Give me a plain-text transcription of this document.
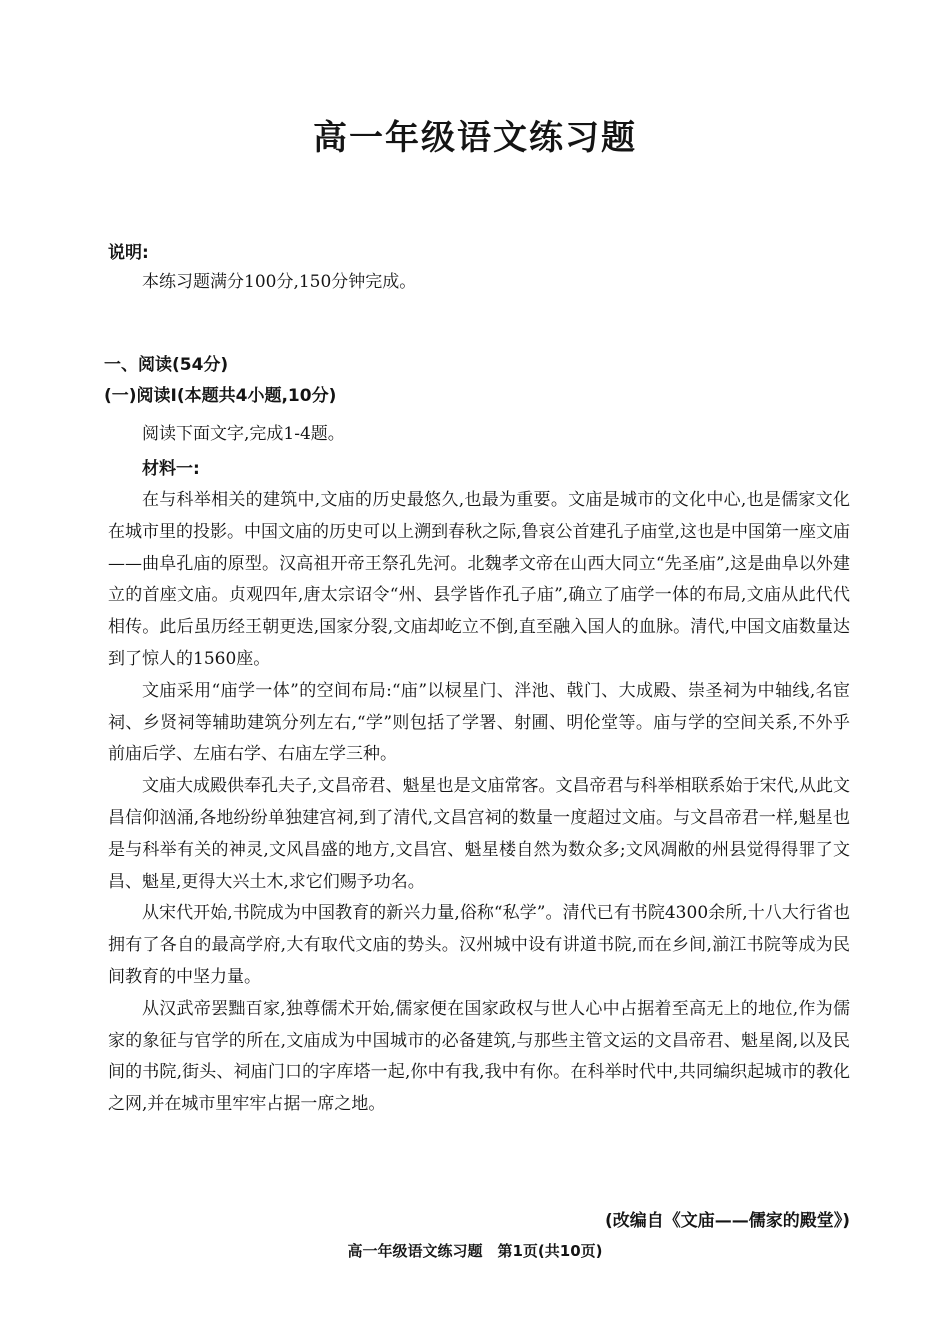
高一年级语文练习题
说明:
本练习题满分100分,150分钟完成。
一、阅读(54分)
(一)阅读Ⅰ(本题共4小题,10分)
阅读下面文字,完成1-4题。
材料一:

在与科举相关的建筑中,文庙的历史最悠久,也最为重要。文庙是城市的文化中心,也是儒家文化在城市里的投影。中国文庙的历史可以上溯到春秋之际,鲁哀公首建孔子庙堂,这也是中国第一座文庙——曲阜孔庙的原型。汉高祖开帝王祭孔先河。北魏孝文帝在山西大同立“先圣庙”,这是曲阜以外建立的首座文庙。贞观四年,唐太宗诏令“州、县学皆作孔子庙”,确立了庙学一体的布局,文庙从此代代相传。此后虽历经王朝更迭,国家分裂,文庙却屹立不倒,直至融入国人的血脉。清代,中国文庙数量达到了惊人的1560座。

文庙采用“庙学一体”的空间布局:“庙”以棂星门、泮池、戟门、大成殿、崇圣祠为中轴线,名宦祠、乡贤祠等辅助建筑分列左右,“学”则包括了学署、射圃、明伦堂等。庙与学的空间关系,不外乎前庙后学、左庙右学、右庙左学三种。

文庙大成殿供奉孔夫子,文昌帝君、魁星也是文庙常客。文昌帝君与科举相联系始于宋代,从此文昌信仰汹涌,各地纷纷单独建宫祠,到了清代,文昌宫祠的数量一度超过文庙。与文昌帝君一样,魁星也是与科举有关的神灵,文风昌盛的地方,文昌宫、魁星楼自然为数众多;文风凋敝的州县觉得得罪了文昌、魁星,更得大兴土木,求它们赐予功名。

从宋代开始,书院成为中国教育的新兴力量,俗称“私学”。清代已有书院4300余所,十八大行省也拥有了各自的最高学府,大有取代文庙的势头。汉州城中设有讲道书院,而在乡间,湔江书院等成为民间教育的中坚力量。

从汉武帝罢黜百家,独尊儒术开始,儒家便在国家政权与世人心中占据着至高无上的地位,作为儒家的象征与官学的所在,文庙成为中国城市的必备建筑,与那些主管文运的文昌帝君、魁星阁,以及民间的书院,街头、祠庙门口的字库塔一起,你中有我,我中有你。在科举时代中,共同编织起城市的教化之网,并在城市里牢牢占据一席之地。

(改编自《文庙——儒家的殿堂》)
高一年级语文练习题　第1页(共10页)
